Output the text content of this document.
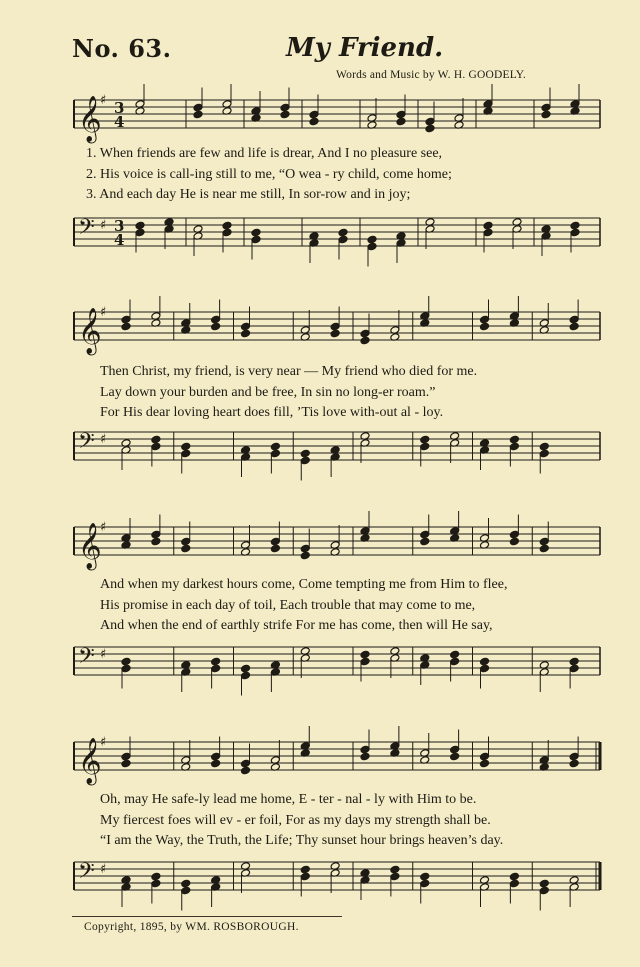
No. 63.	My Friend.
Words and Music by W. H. GOODELY.
𝄞
♯ 3
4
1. When friends are few and life is drear, And I no pleasure see,
2. His voice is call-ing still to me, “O wea - ry child, come home;
3. And each day He is near me still, In sor-row and in joy;
𝄢 ♯ 3
4
𝄞
♯
Then Christ, my friend, is very near — My friend who died for me.
Lay down your burden and be free, In sin no long-er roam.”
For His dear loving heart does fill, ’Tis love with-out al - loy.
𝄢 ♯
𝄞
♯
And when my darkest hours come, Come tempting me from Him to flee,
His promise in each day of toil, Each trouble that may come to me,
And when the end of earthly strife For me has come, then will He say,
𝄢 ♯
𝄞
♯
Oh, may He safe-ly lead me home, E - ter - nal - ly with Him to be.
My fiercest foes will ev - er foil, For as my days my strength shall be.
“I am the Way, the Truth, the Life; Thy sunset hour brings heaven’s day.
𝄢 ♯
Copyright, 1895, by WM. ROSBOROUGH.
